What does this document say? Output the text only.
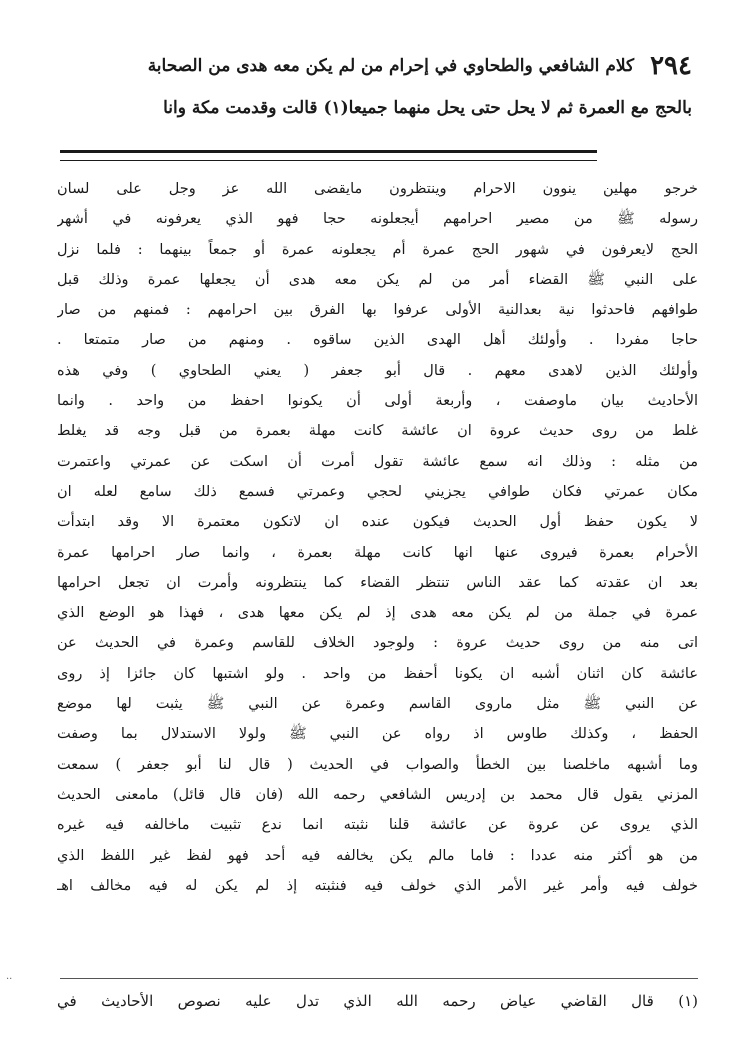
٢٩٤
كلام الشافعي والطحاوي في إحرام من لم يكن معه هدى من الصحابة
بالحج مع العمرة ثم لا يحل حتى يحل منهما جميعا(١) قالت وقدمت مكة وانا
خرجو مهلين ينوون الاحرام وينتظرون مايقضى الله عز وجل على لسان
رسوله ﷺ من مصير احرامهم أيجعلونه حجا فهو الذي يعرفونه في أشهر
الحج لايعرفون في شهور الحج عمرة أم يجعلونه عمرة أو جمعاً بينهما : فلما نزل
على النبي ﷺ القضاء أمر من لم يكن معه هدى أن يجعلها عمرة وذلك قبل
طوافهم فاحدثوا نية بعدالنية الأولى عرفوا بها الفرق بين احرامهم : فمنهم من صار
حاجا مفردا . وأولئك أهل الهدى الذين ساقوه . ومنهم من صار متمتعا .
وأولئك الذين لاهدى معهم . قال أبو جعفر ( يعني الطحاوي ) وفي هذه
الأحاديث بيان ماوصفت ، وأربعة أولى أن يكونوا احفظ من واحد . وانما
غلط من روى حديث عروة ان عائشة كانت مهلة بعمرة من قبل وجه قد يغلط
من مثله : وذلك انه سمع عائشة تقول أمرت أن اسكت عن عمرتي واعتمرت
مكان عمرتي فكان طوافي يجزيني لحجي وعمرتي فسمع ذلك سامع لعله ان
لا يكون حفظ أول الحديث فيكون عنده ان لاتكون معتمرة الا وقد ابتدأت
الأحرام بعمرة فيروى عنها انها كانت مهلة بعمرة ، وانما صار احرامها عمرة
بعد ان عقدته كما عقد الناس تنتظر القضاء كما ينتظرونه وأمرت ان تجعل احرامها
عمرة في جملة من لم يكن معه هدى إذ لم يكن معها هدى ، فهذا هو الوضع الذي
اتى منه من روى حديث عروة : ولوجود الخلاف للقاسم وعمرة في الحديث عن
عائشة كان اثنان أشبه ان يكونا أحفظ من واحد . ولو اشتبها كان جائزا إذ روى
عن النبي ﷺ مثل ماروى القاسم وعمرة عن النبي ﷺ يثبت لها موضع
الحفظ ، وكذلك طاوس اذ رواه عن النبي ﷺ ولولا الاستدلال بما وصفت
وما أشبهه ماخلصنا بين الخطأ والصواب في الحديث ( قال لنا أبو جعفر ) سمعت
المزني يقول قال محمد بن إدريس الشافعي رحمه الله (فان قال قائل) مامعنى الحديث
الذي يروى عن عروة عن عائشة قلنا نثبته انما ندع تثبيت ماخالفه فيه غيره
من هو أكثر منه عددا : فاما مالم يكن يخالفه فيه أحد فهو لفظ غير اللفظ الذي
خولف فيه وأمر غير الأمر الذي خولف فيه فنثبته إذ لم يكن له فيه مخالف اهـ
(١) قال القاضي عياض رحمه الله الذي تدل عليه نصوص الأحاديث في
··
